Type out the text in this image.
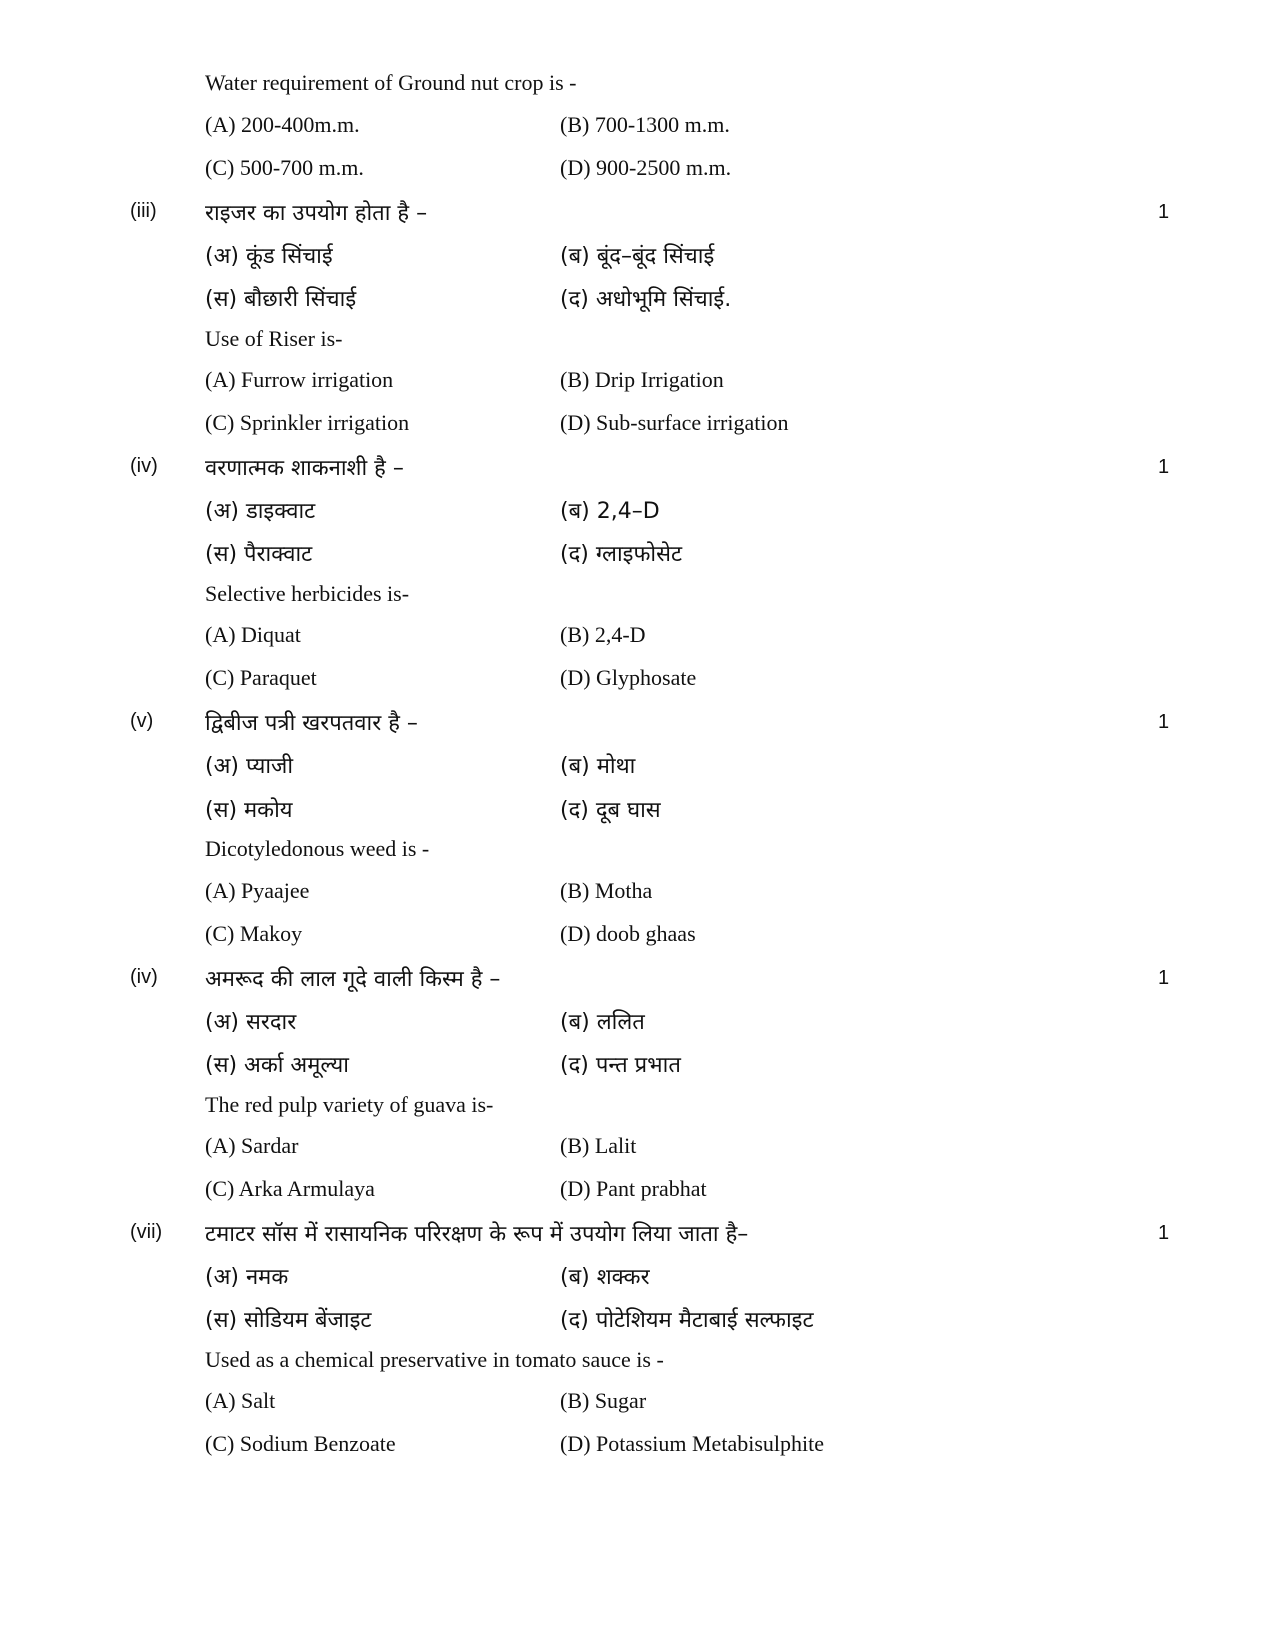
Water requirement of Ground nut crop is -
(A) 200-400m.m.	(B) 700-1300 m.m.
(C) 500-700 m.m.	(D) 900-2500 m.m.
(iii) राइजर का उपयोग होता है –	1
(अ) कूंड सिंचाई	(ब) बूंद–बूंद सिंचाई
(स) बौछारी सिंचाई	(द) अधोभूमि सिंचाई.
Use of Riser is-
(A) Furrow irrigation	(B) Drip Irrigation
(C) Sprinkler irrigation	(D) Sub-surface irrigation
(iv) वरणात्मक शाकनाशी है –	1
(अ) डाइक्वाट	(ब) 2,4–D
(स) पैराक्वाट	(द) ग्लाइफोसेट
Selective herbicides is-
(A) Diquat	(B) 2,4-D
(C) Paraquet	(D) Glyphosate
(v) द्विबीज पत्री खरपतवार है –	1
(अ) प्याजी	(ब) मोथा
(स) मकोय	(द) दूब घास
Dicotyledonous weed is -
(A) Pyaajee	(B) Motha
(C) Makoy	(D) doob ghaas
(iv) अमरूद की लाल गूदे वाली किस्म है –	1
(अ) सरदार	(ब) ललित
(स) अर्का अमूल्या	(द) पन्त प्रभात
The red pulp variety of guava is-
(A) Sardar	(B) Lalit
(C) Arka Armulaya	(D) Pant prabhat
(vii) टमाटर सॉस में रासायनिक परिरक्षण के रूप में उपयोग लिया जाता है–	1
(अ) नमक	(ब) शक्कर
(स) सोडियम बेंजाइट	(द) पोटेशियम मैटाबाई सल्फाइट
Used as a chemical preservative in tomato sauce is -
(A) Salt	(B) Sugar
(C) Sodium Benzoate	(D) Potassium Metabisulphite
